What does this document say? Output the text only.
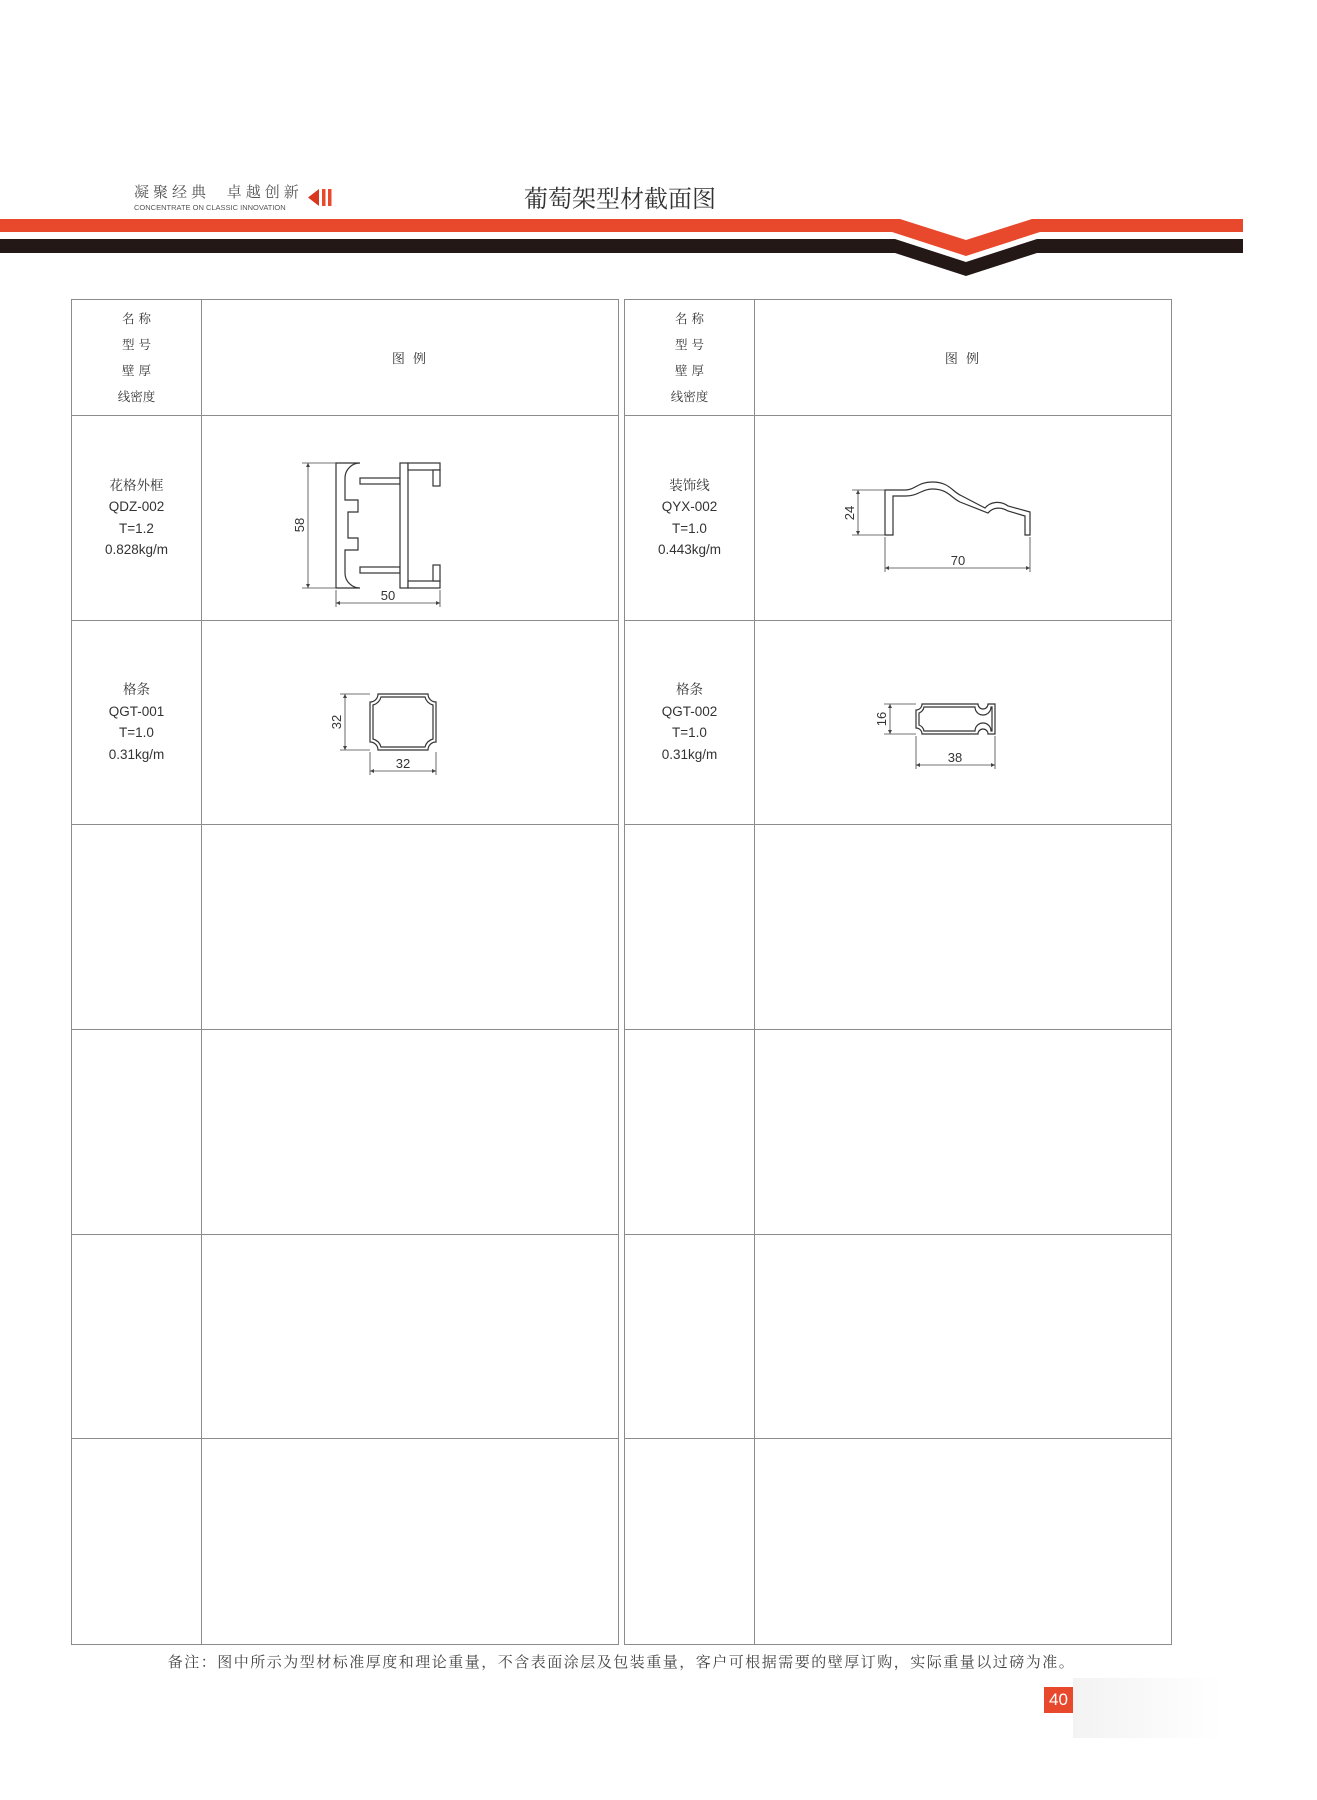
凝聚经典 卓越创新
CONCENTRATE ON CLASSIC INNOVATION	葡萄架型材截面图
名 称
型 号
壁 厚
线密度
图 例
花格外框
QDZ-002
T=1.2
0.828kg/m
格条
QGT-001
T=1.0
0.31kg/m
名 称
型 号
壁 厚
线密度
图 例
装饰线
QYX-002
T=1.0
0.443kg/m
格条
QGT-002
T=1.0
0.31kg/m
58
50
24
70
32
32
16
38
备注：图中所示为型材标准厚度和理论重量，不含表面涂层及包装重量，客户可根据需要的壁厚订购，实际重量以过磅为准。
40
